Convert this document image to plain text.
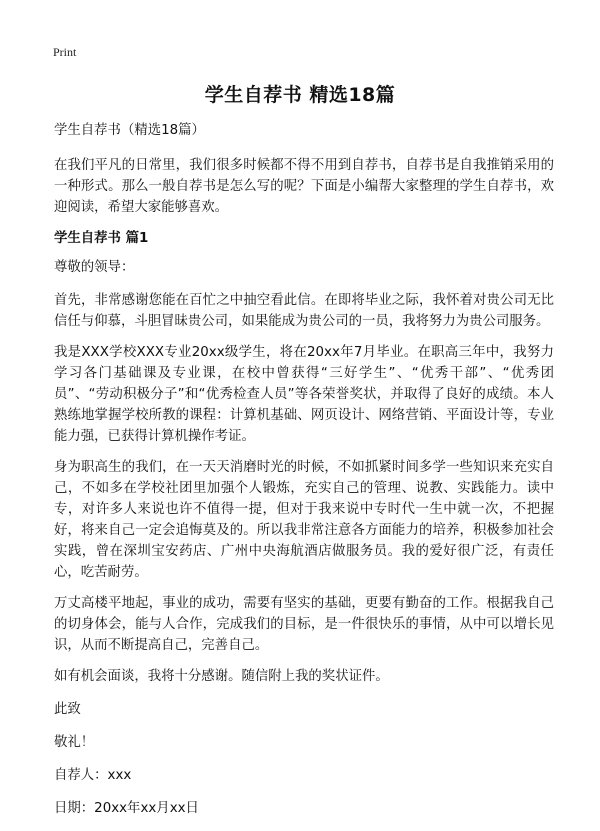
Print
学生自荐书 精选18篇

学生自荐书（精选18篇）

在我们平凡的日常里，我们很多时候都不得不用到自荐书，自荐书是自我推销采用的一种形式。那么一般自荐书是怎么写的呢？下面是小编帮大家整理的学生自荐书，欢迎阅读，希望大家能够喜欢。

学生自荐书 篇1

尊敬的领导：

首先，非常感谢您能在百忙之中抽空看此信。在即将毕业之际，我怀着对贵公司无比信任与仰慕，斗胆冒昧贵公司，如果能成为贵公司的一员，我将努力为贵公司服务。

我是XXX学校XXX专业20xx级学生，将在20xx年7月毕业。在职高三年中，我努力学习各门基础课及专业课，在校中曾获得“三好学生”、“优秀干部”、“优秀团员”、“劳动积极分子”和“优秀检查人员”等各荣誉奖状，并取得了良好的成绩。本人熟练地掌握学校所教的课程：计算机基础、网页设计、网络营销、平面设计等，专业能力强，已获得计算机操作考证。

身为职高生的我们，在一天天消磨时光的时候，不如抓紧时间多学一些知识来充实自己，不如多在学校社团里加强个人锻炼，充实自己的管理、说教、实践能力。读中专，对许多人来说也许不值得一提，但对于我来说中专时代一生中就一次，不把握好，将来自己一定会追悔莫及的。所以我非常注意各方面能力的培养，积极参加社会实践，曾在深圳宝安药店、广州中央海航酒店做服务员。我的爱好很广泛，有责任心，吃苦耐劳。

万丈高楼平地起，事业的成功，需要有坚实的基础，更要有勤奋的工作。根据我自己的切身体会，能与人合作，完成我们的目标，是一件很快乐的事情，从中可以增长见识，从而不断提高自己，完善自己。

如有机会面谈，我将十分感谢。随信附上我的奖状证件。

此致

敬礼！

自荐人：xxx

日期：20xx年xx月xx日
